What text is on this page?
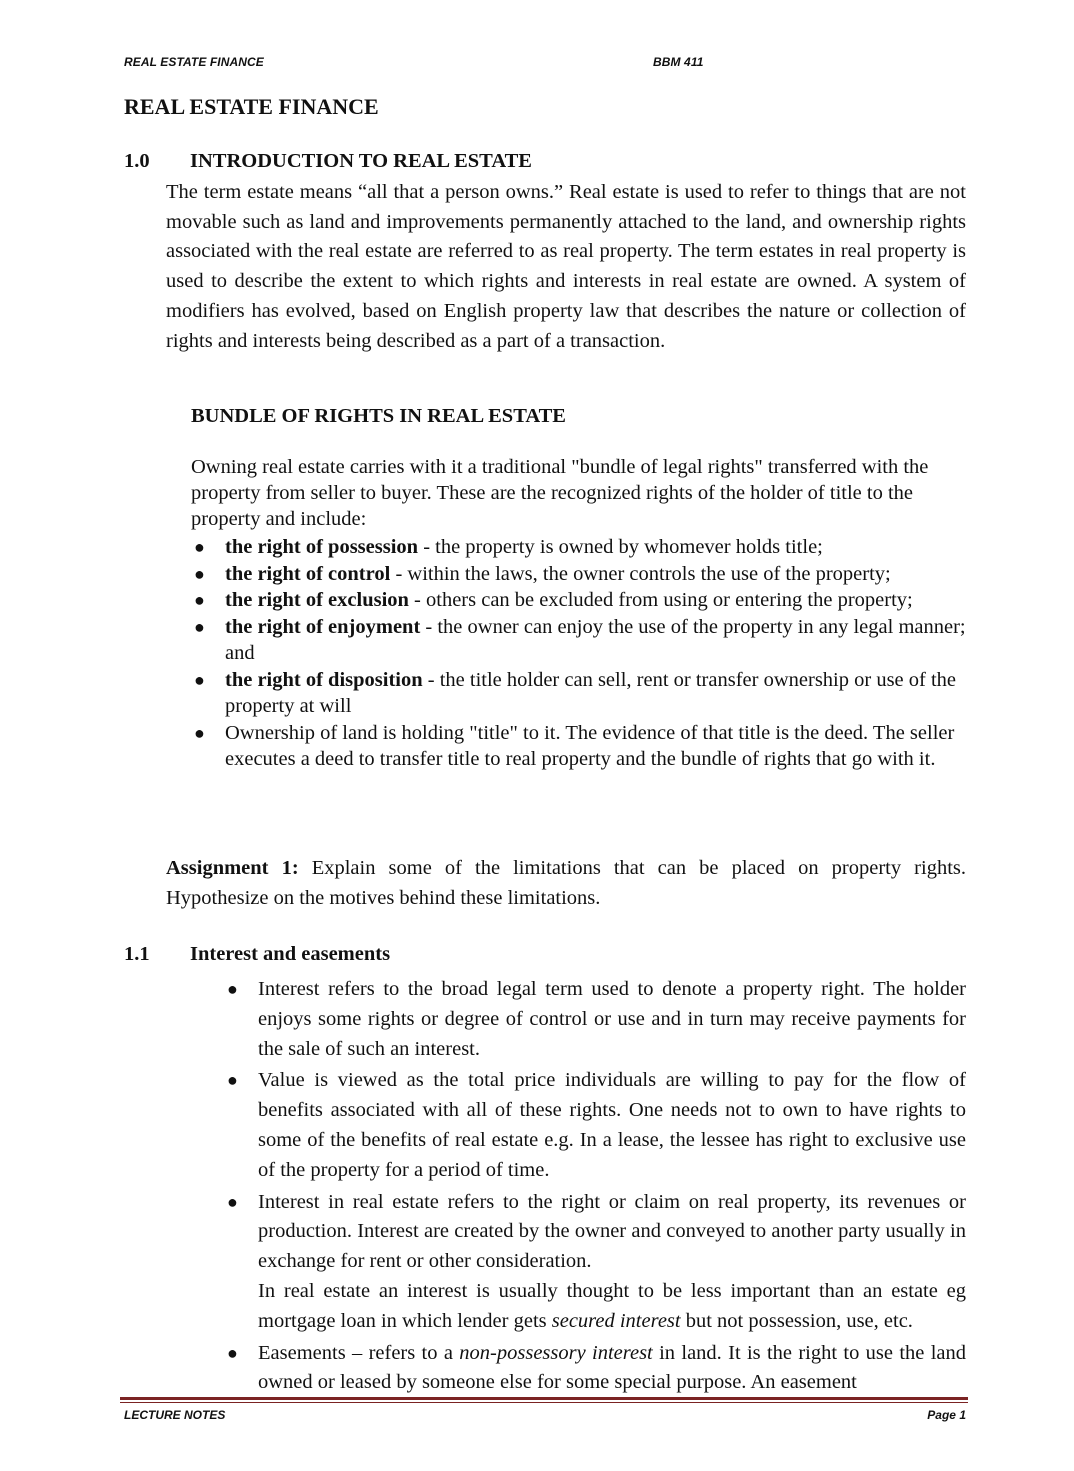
REAL ESTATE FINANCE	BBM 411
REAL ESTATE FINANCE
1.0 INTRODUCTION TO REAL ESTATE

The term estate means “all that a person owns.” Real estate is used to refer to things that are not movable such as land and improvements permanently attached to the land, and ownership rights associated with the real estate are referred to as real property. The term estates in real property is used to describe the extent to which rights and interests in real estate are owned. A system of modifiers has evolved, based on English property law that describes the nature or collection of rights and interests being described as a part of a transaction.

BUNDLE OF RIGHTS IN REAL ESTATE

Owning real estate carries with it a traditional "bundle of legal rights" transferred with the property from seller to buyer. These are the recognized rights of the holder of title to the property and include:

● the right of possession - the property is owned by whomever holds title;
● the right of control - within the laws, the owner controls the use of the property;
● the right of exclusion - others can be excluded from using or entering the property;
● the right of enjoyment - the owner can enjoy the use of the property in any legal manner; and
● the right of disposition - the title holder can sell, rent or transfer ownership or use of the property at will
● Ownership of land is holding "title" to it. The evidence of that title is the deed. The seller executes a deed to transfer title to real property and the bundle of rights that go with it.

Assignment 1: Explain some of the limitations that can be placed on property rights. Hypothesize on the motives behind these limitations.

1.1 Interest and easements
● Interest refers to the broad legal term used to denote a property right. The holder enjoys some rights or degree of control or use and in turn may receive payments for the sale of such an interest.
● Value is viewed as the total price individuals are willing to pay for the flow of benefits associated with all of these rights. One needs not to own to have rights to some of the benefits of real estate e.g. In a lease, the lessee has right to exclusive use of the property for a period of time.
● Interest in real estate refers to the right or claim on real property, its revenues or production. Interest are created by the owner and conveyed to another party usually in exchange for rent or other consideration.
In real estate an interest is usually thought to be less important than an estate eg mortgage loan in which lender gets secured interest but not possession, use, etc.
● Easements – refers to a non-possessory interest in land. It is the right to use the land owned or leased by someone else for some special purpose. An easement
LECTURE NOTES	Page 1
